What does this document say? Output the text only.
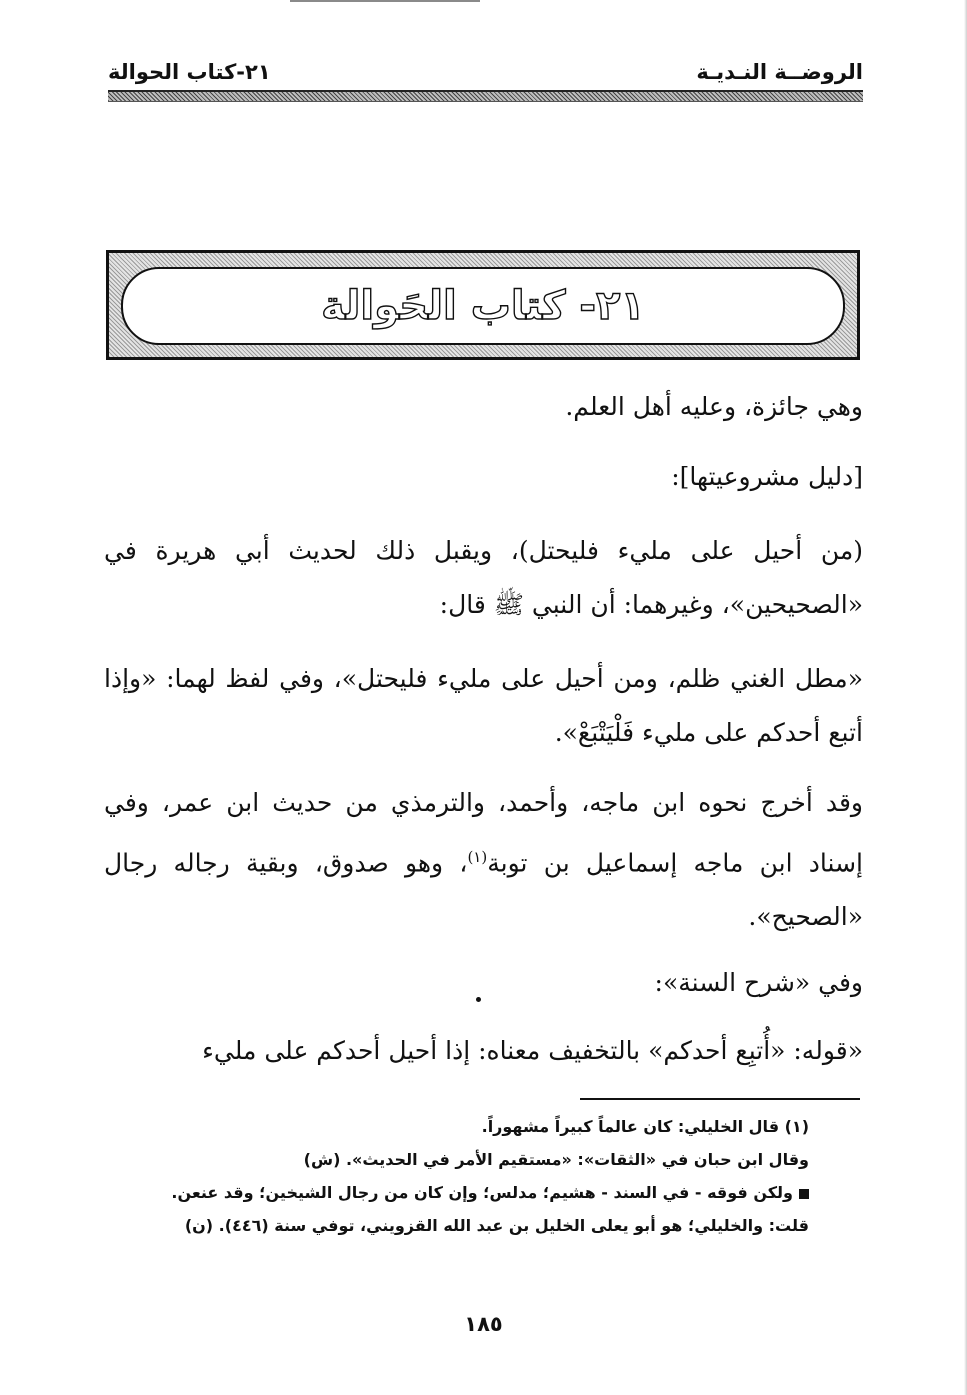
الروضــة النـديـة
٢١-كتاب الحوالة
٢١- كتاب الحَوالة

وهي جائزة، وعليه أهل العلم.

[دليل مشروعيتها]:

(من أحيل على مليء فليحتل)، ويقبل ذلك لحديث أبي هريرة في «الصحيحين»، وغيرهما: أن النبي ﷺ قال:

«مطل الغني ظلم، ومن أحيل على مليء فليحتل»، وفي لفظ لهما: «وإذا أتبع أحدكم على مليء فَلْيَتْبَعْ».

وقد أخرج نحوه ابن ماجه، وأحمد، والترمذي من حديث ابن عمر، وفي إسناد ابن ماجه إسماعيل بن توبة$^{(١)}$، وهو صدوق، وبقية رجاله رجال «الصحيح».

وفي «شرح السنة»:

«قوله: «أُتبِع أحدكم» بالتخفيف معناه: إذا أحيل أحدكم على مليء

(١) قال الخليلي: كان عالماً كبيراً مشهوراً.

وقال ابن حبان في «الثقات»: «مستقيم الأمر في الحديث». (ش)

ولكن فوقه - في السند - هشيم؛ مدلس؛ وإن كان من رجال الشيخين؛ وقد عنعن.

قلت: والخليلي؛ هو أبو يعلى الخليل بن عبد الله القزويني، توفي سنة (٤٤٦). (ن)

١٨٥
